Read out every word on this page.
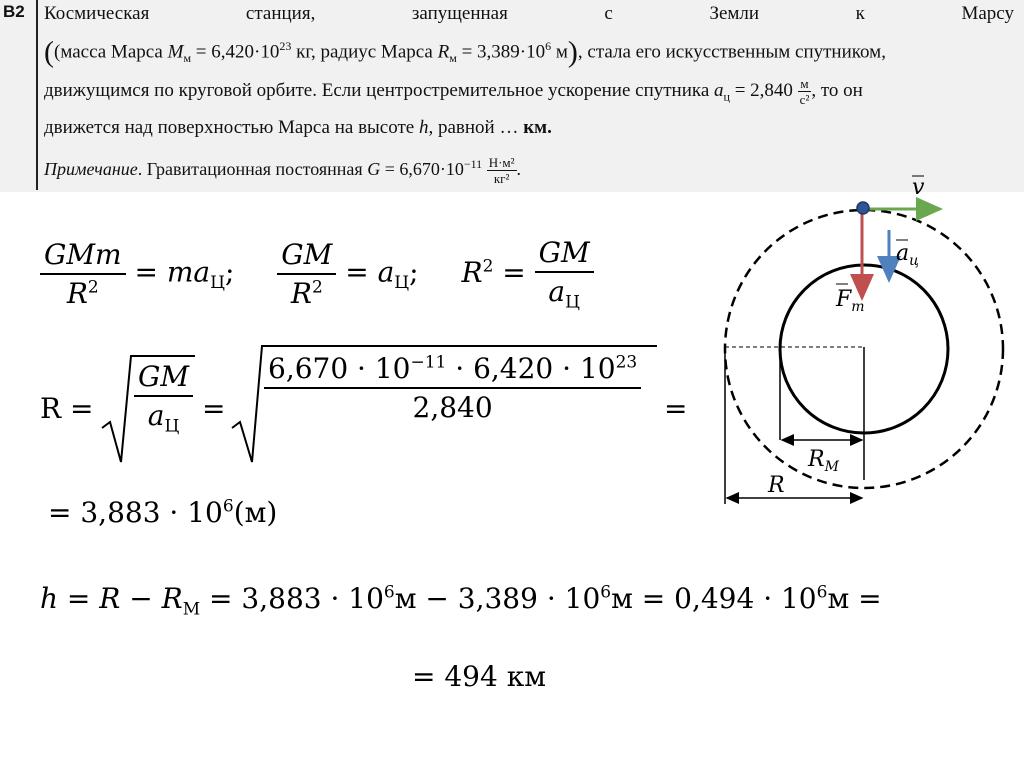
B2 Космическая	станция,	запущенная	с	Земли	к	Марсу
((масса Марса $M_м = 6,420\cdot 10^{23}$ кг, радиус Марса $R_м = 3,389\cdot 10^6$ м), стала его искусственным спутником,
движущимся по круговой орбите. Если центростремительное ускорение спутника $a_ц = 2,840$ м
с² , то он
движется над поверхностью Марса на высоте h, равной … км.
Примечание. Гравитационная постоянная $G = 6,670\cdot 10^{-11}$ Н·м²
кг² .
GMm
$R^2$	= $ma_Ц$; $\frac{GM}{R^2} = a_Ц$; $R^2$ =
GM
$a_Ц$
R =
GM
$a_Ц$
= $\frac{6,670 \cdot 10^{-11} \cdot 6,420 \cdot 10^{23}}{2,840}$ =
= $3,883 \cdot 10^6(м)$
$h = R - R_М = 3,883 \cdot 10^6м - 3,389 \cdot 10^6м = 0,494 \cdot 10^6м$ =
= 494 км
v
$a_ц$
$F_т$
$R_M$
R
